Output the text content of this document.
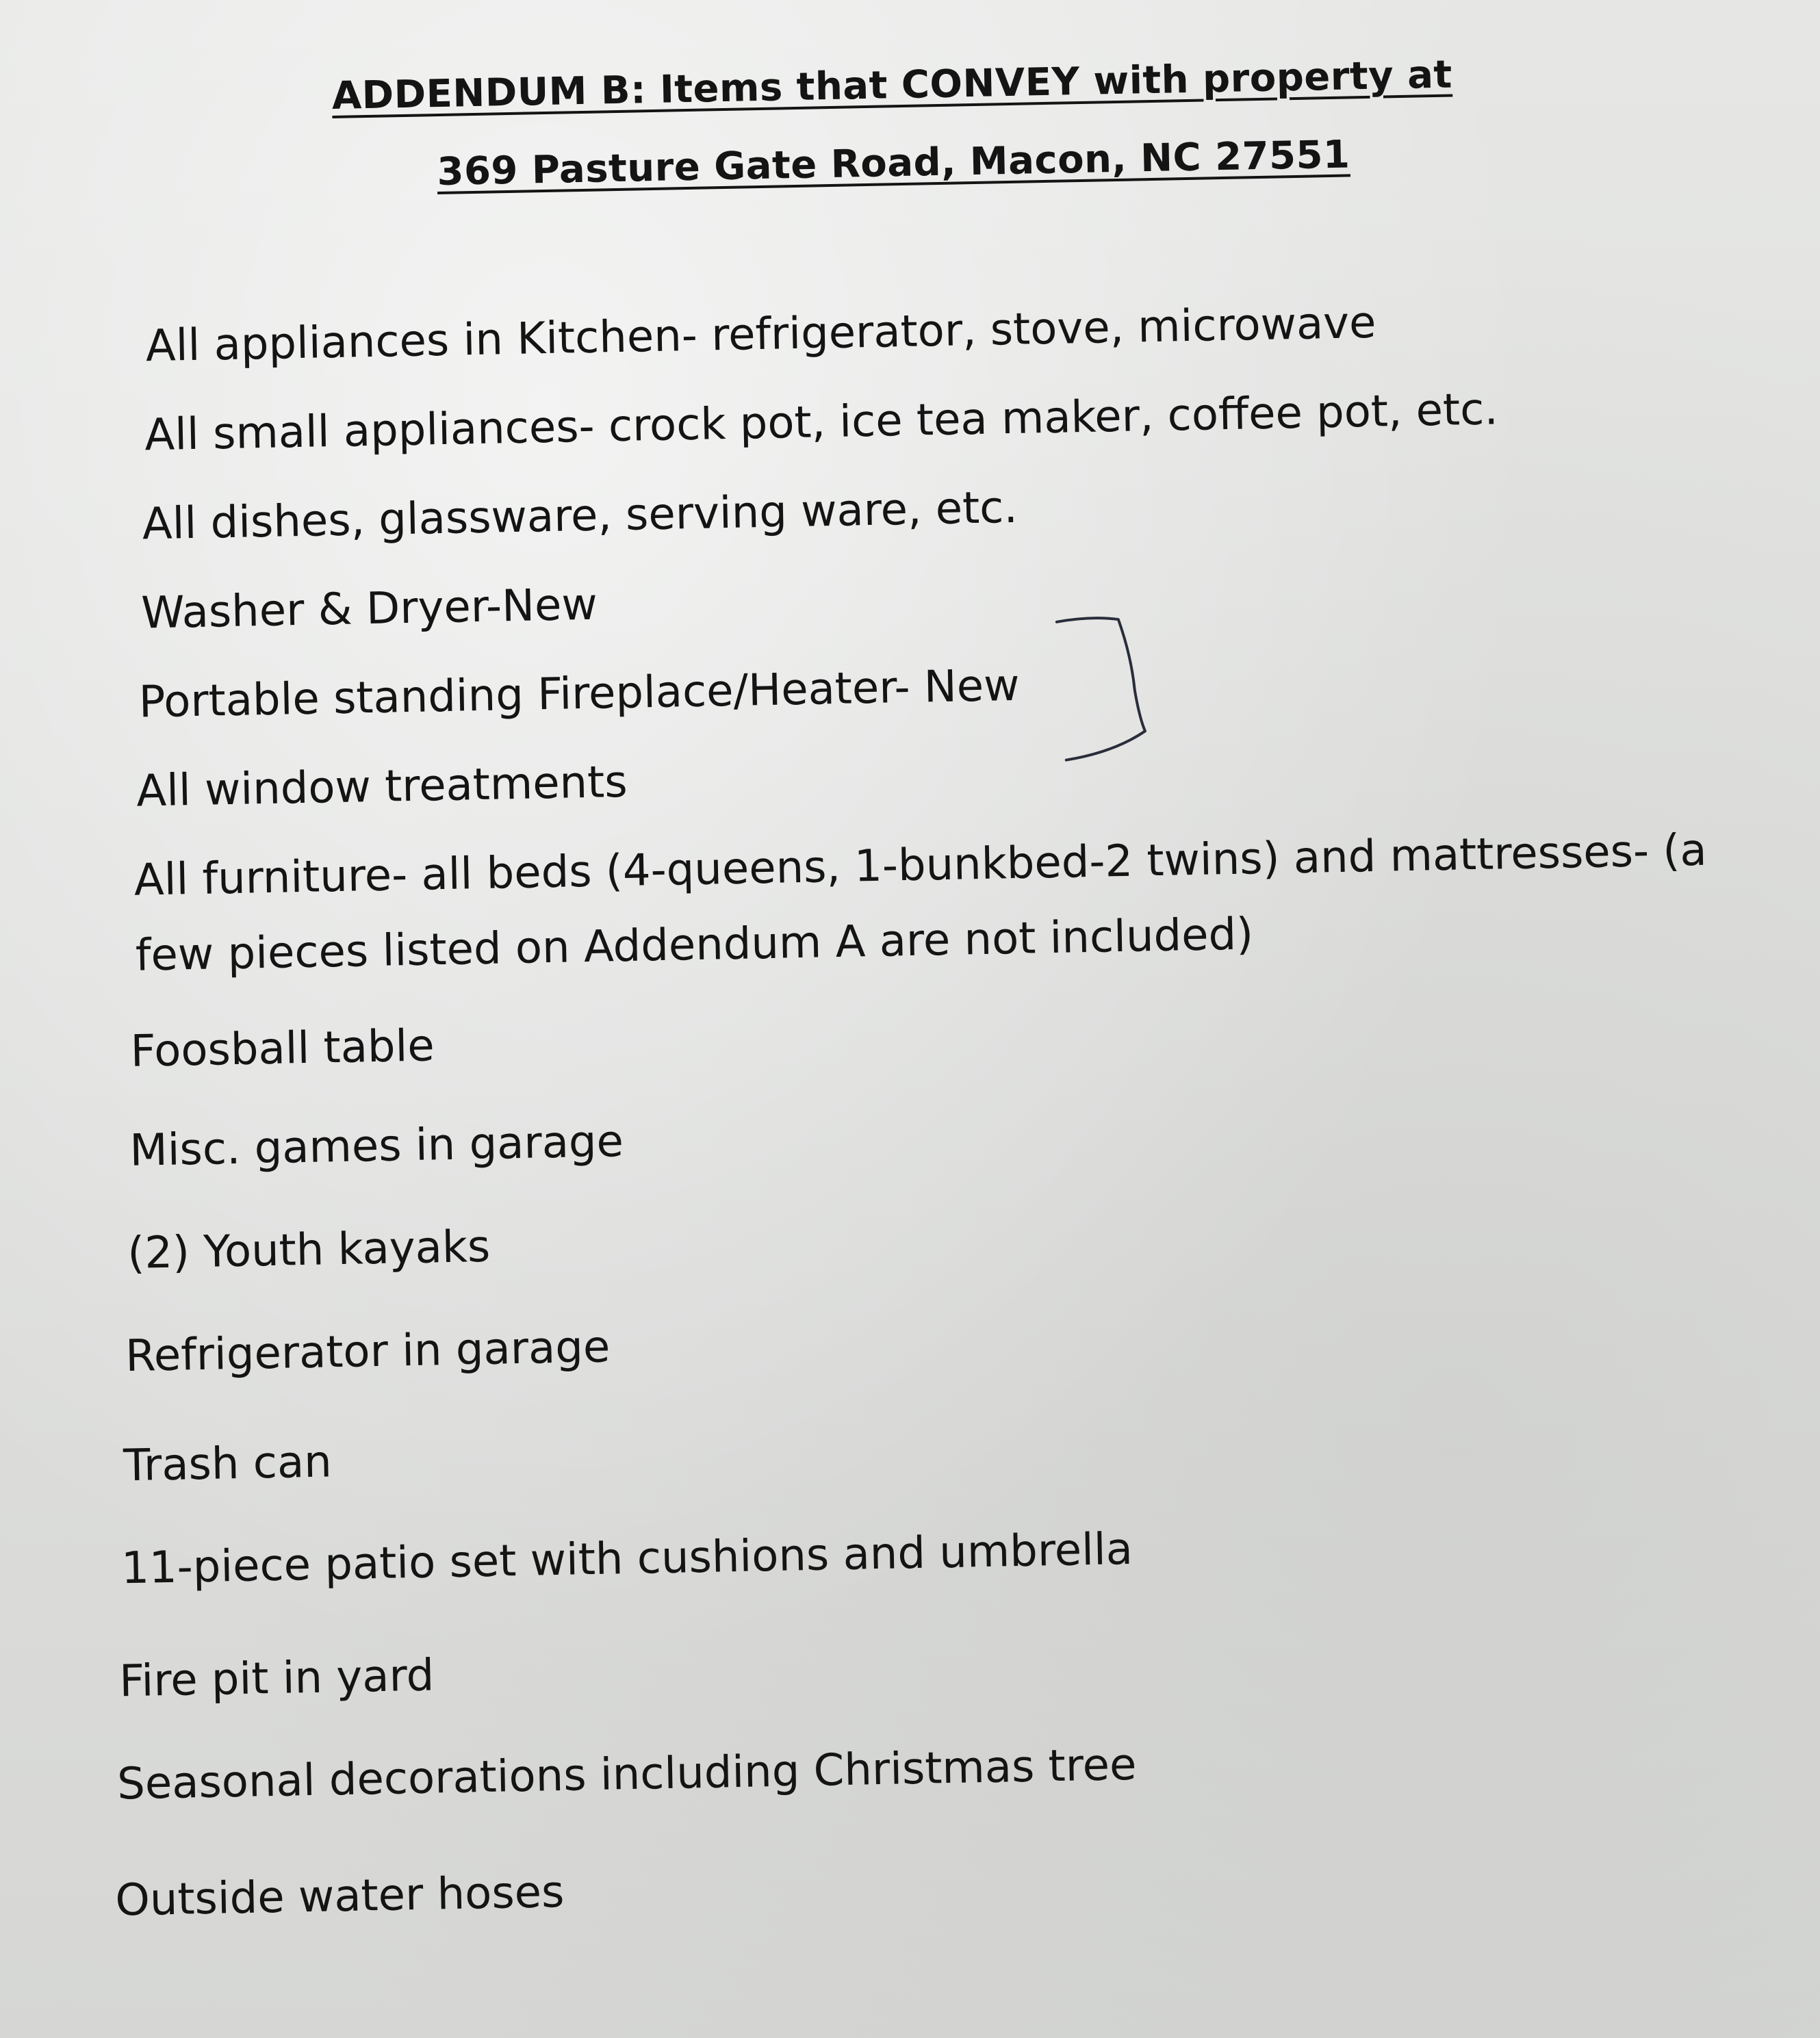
ADDENDUM B: Items that CONVEY with property at
369 Pasture Gate Road, Macon, NC 27551

All appliances in Kitchen- refrigerator, stove, microwave

All small appliances- crock pot, ice tea maker, coffee pot, etc.

All dishes, glassware, serving ware, etc.

Washer & Dryer-New

Portable standing Fireplace/Heater- New

All window treatments

All furniture- all beds (4-queens, 1-bunkbed-2 twins) and mattresses- (a few pieces listed on Addendum A are not included)

Foosball table

Misc. games in garage

(2) Youth kayaks

Refrigerator in garage

Trash can

11-piece patio set with cushions and umbrella

Fire pit in yard

Seasonal decorations including Christmas tree

Outside water hoses
